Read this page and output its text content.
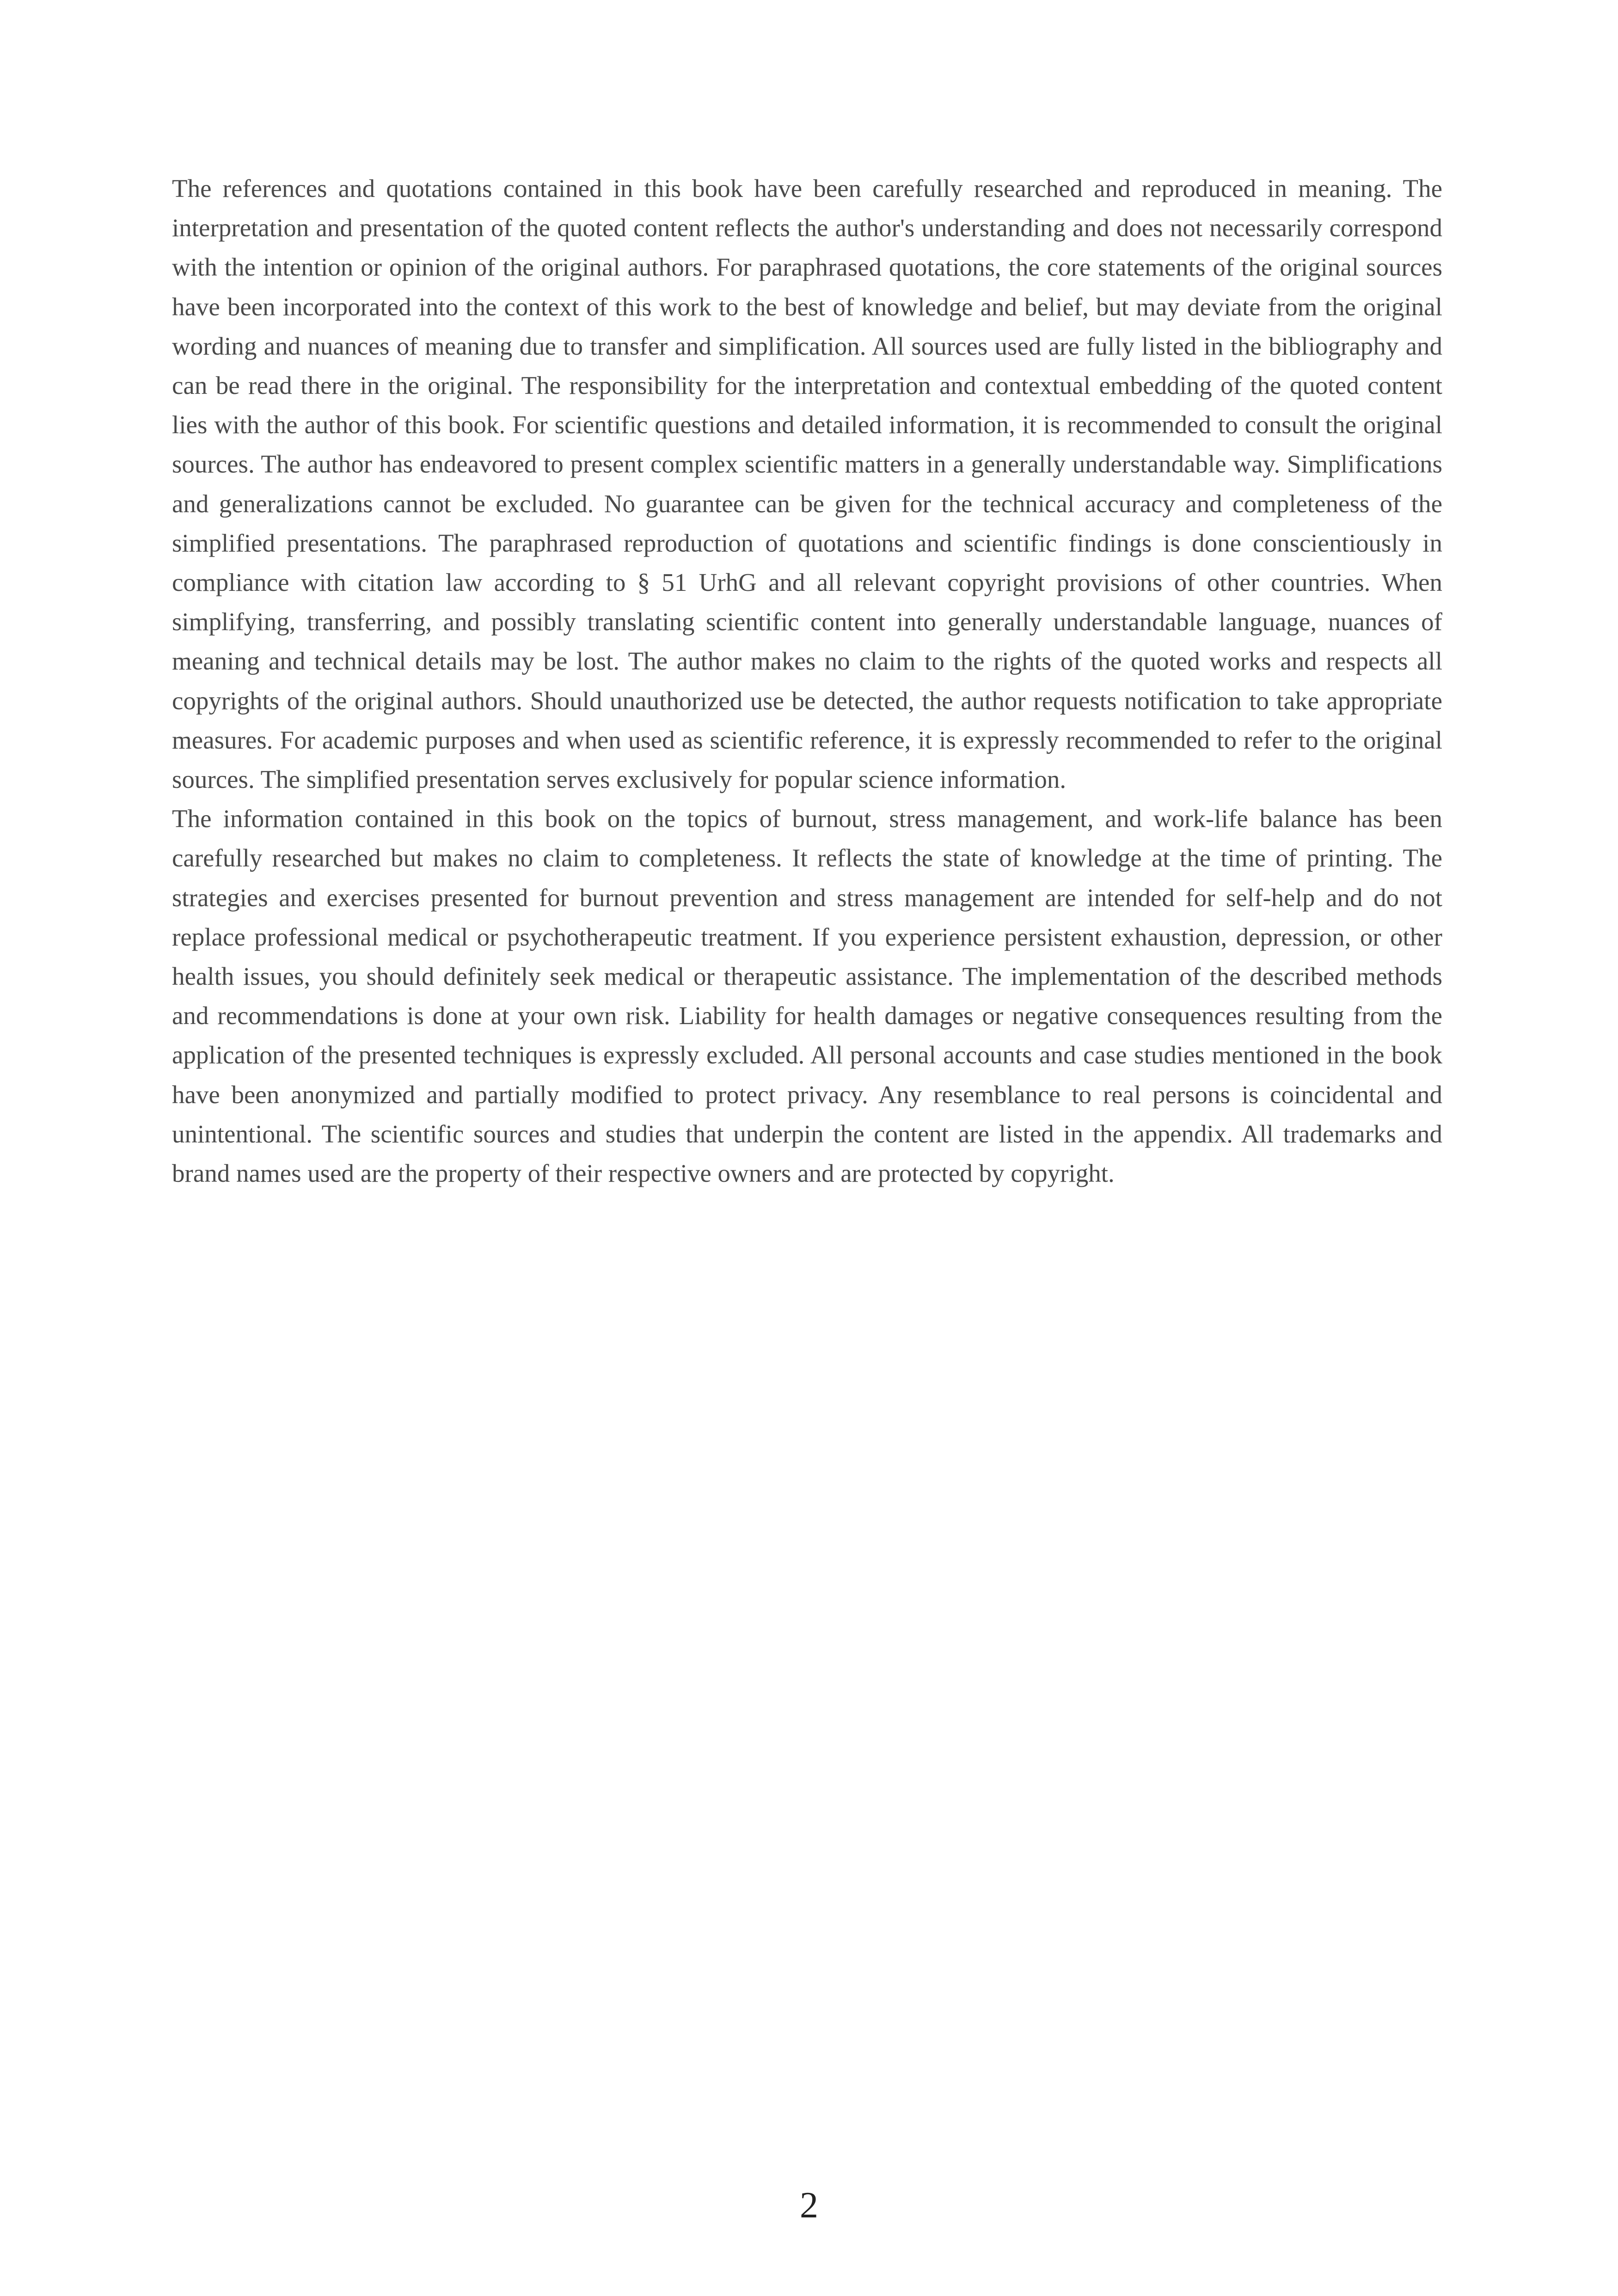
The references and quotations contained in this book have been carefully researched and reproduced in meaning. The interpretation and presentation of the quoted content reflects the author's understanding and does not necessarily correspond with the intention or opinion of the original authors. For paraphrased quotations, the core statements of the original sources have been incorporated into the context of this work to the best of knowledge and belief, but may deviate from the original wording and nuances of meaning due to transfer and simplification. All sources used are fully listed in the bibliography and can be read there in the original. The responsibility for the interpretation and contextual embedding of the quoted content lies with the author of this book. For scientific questions and detailed information, it is recommended to consult the original sources. The author has endeavored to present complex scientific matters in a generally understandable way. Simplifications and generalizations cannot be excluded. No guarantee can be given for the technical accuracy and completeness of the simplified presentations. The paraphrased reproduction of quotations and scientific findings is done conscientiously in compliance with citation law according to § 51 UrhG and all relevant copyright provisions of other countries. When simplifying, transferring, and possibly translating scientific content into generally understandable language, nuances of meaning and technical details may be lost. The author makes no claim to the rights of the quoted works and respects all copyrights of the original authors. Should unauthorized use be detected, the author requests notification to take appropriate measures. For academic purposes and when used as scientific reference, it is expressly recommended to refer to the original sources. The simplified presentation serves exclusively for popular science information.

The information contained in this book on the topics of burnout, stress management, and work-life balance has been carefully researched but makes no claim to completeness. It reflects the state of knowledge at the time of printing. The strategies and exercises presented for burnout prevention and stress management are intended for self-help and do not replace professional medical or psychotherapeutic treatment. If you experience persistent exhaustion, depression, or other health issues, you should definitely seek medical or therapeutic assistance. The implementation of the described methods and recommendations is done at your own risk. Liability for health damages or negative consequences resulting from the application of the presented techniques is expressly excluded. All personal accounts and case studies mentioned in the book have been anonymized and partially modified to protect privacy. Any resemblance to real persons is coincidental and unintentional. The scientific sources and studies that underpin the content are listed in the appendix. All trademarks and brand names used are the property of their respective owners and are protected by copyright.

2
